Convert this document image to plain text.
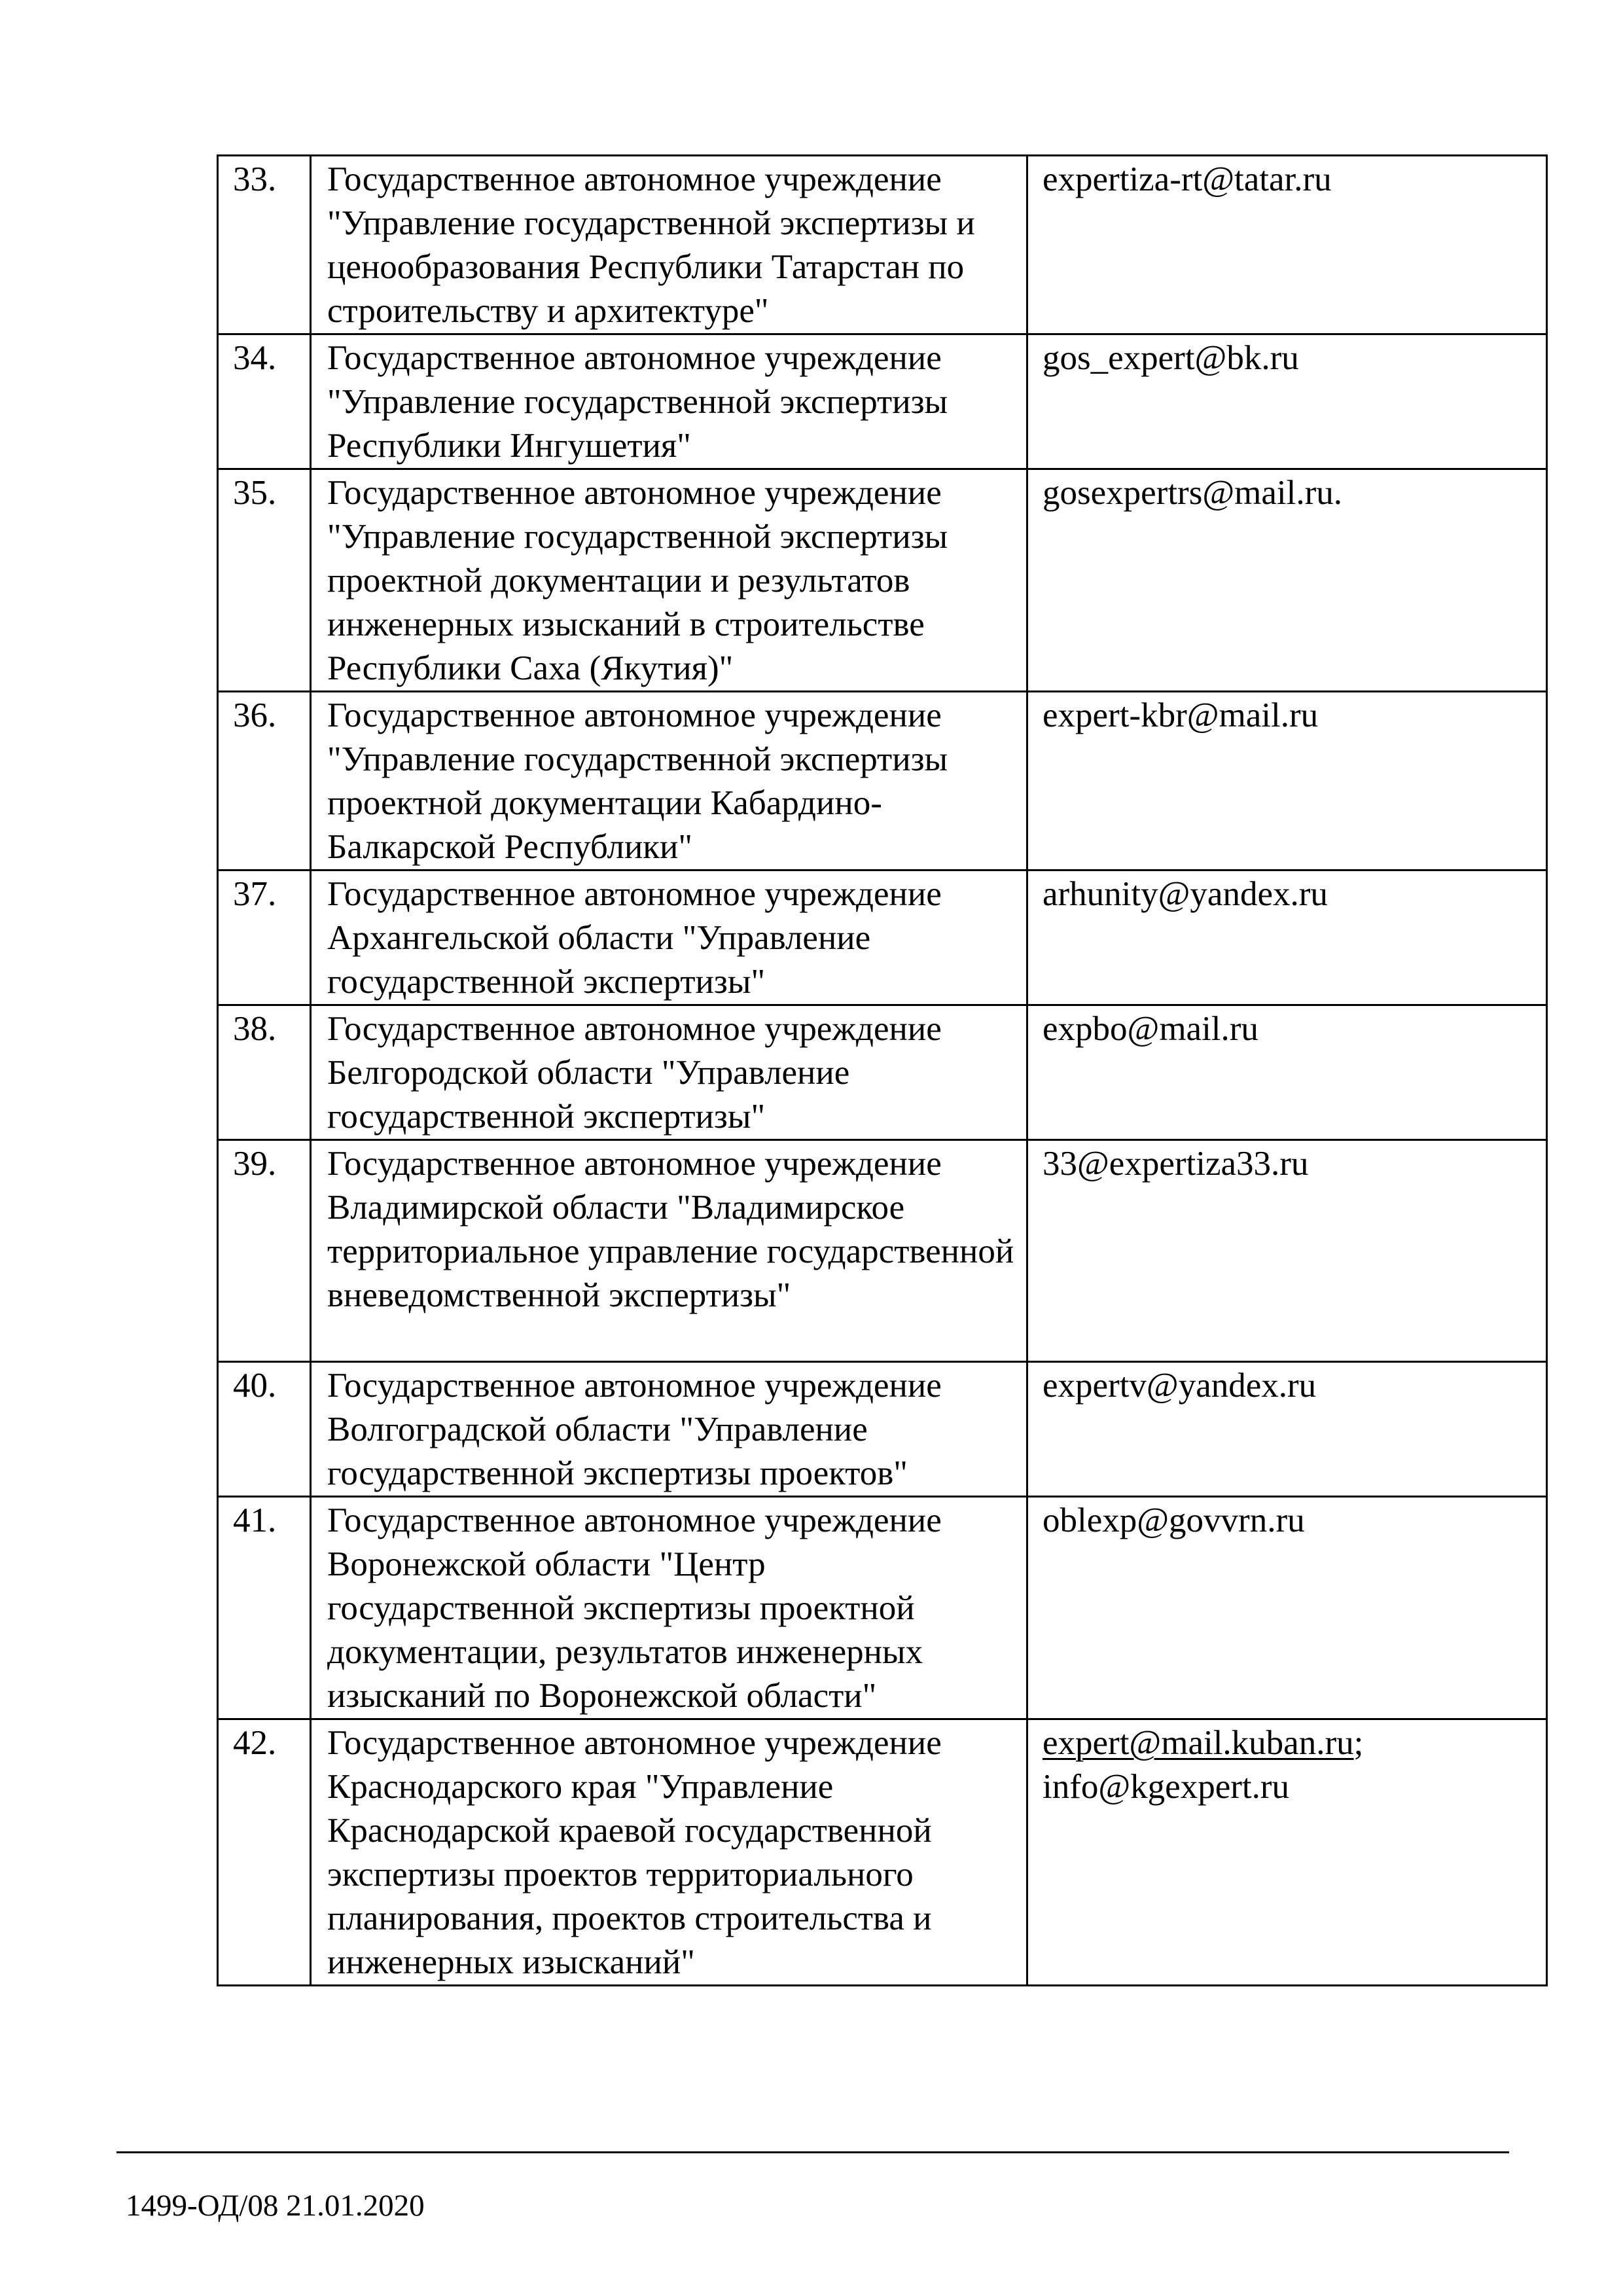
33.	Государственное автономное учреждение "Управление государственной экспертизы и ценообразования Республики Татарстан по строительству и архитектуре"	expertiza-rt@tatar.ru
34.	Государственное автономное учреждение "Управление государственной экспертизы Республики Ингушетия"	gos_expert@bk.ru
35.	Государственное автономное учреждение "Управление государственной экспертизы проектной документации и результатов инженерных изысканий в строительстве Республики Саха (Якутия)"	gosexpertrs@mail.ru.
36.	Государственное автономное учреждение "Управление государственной экспертизы проектной документации Кабардино-Балкарской Республики"	expert-kbr@mail.ru
37.	Государственное автономное учреждение Архангельской области "Управление государственной экспертизы"	arhunity@yandex.ru
38.	Государственное автономное учреждение Белгородской области "Управление государственной экспертизы"	expbo@mail.ru
39.	Государственное автономное учреждение Владимирской области "Владимирское территориальное управление государственной вневедомственной экспертизы"	33@expertiza33.ru
40.	Государственное автономное учреждение Волгоградской области "Управление государственной экспертизы проектов"	expertv@yandex.ru
41.	Государственное автономное учреждение Воронежской области "Центр государственной экспертизы проектной документации, результатов инженерных изысканий по Воронежской области"	oblexp@govvrn.ru
42.	Государственное автономное учреждение Краснодарского края "Управление Краснодарской краевой государственной экспертизы проектов территориального планирования, проектов строительства и инженерных изысканий"	expert@mail.kuban.ru;
info@kgexpert.ru
1499-ОД/08 21.01.2020
